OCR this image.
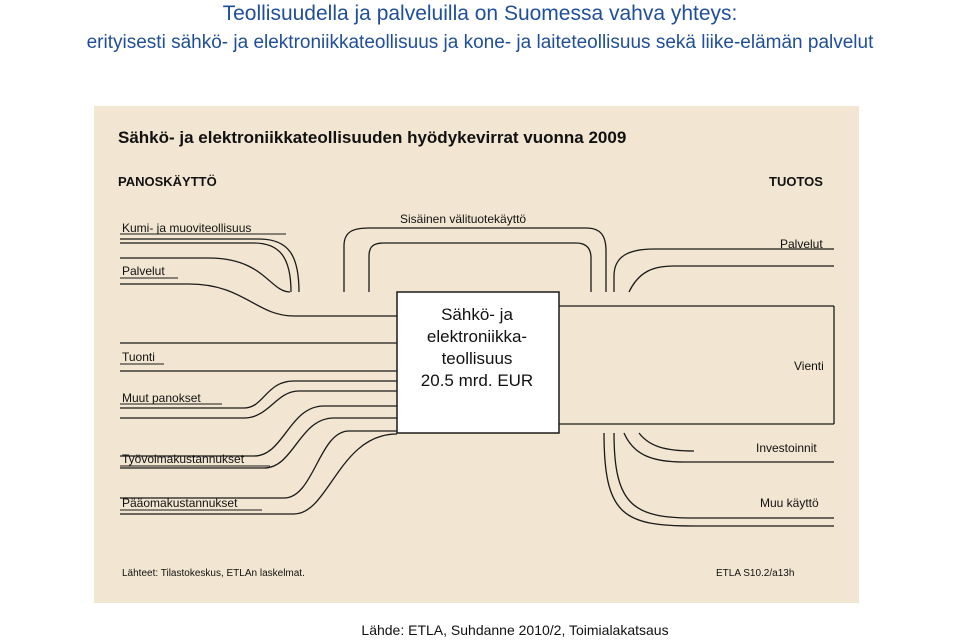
Teollisuudella ja palveluilla on Suomessa vahva yhteys:
erityisesti sähkö- ja elektroniikkateollisuus ja kone- ja laiteteollisuus sekä liike-elämän palvelut
Sähkö- ja elektroniikkateollisuuden hyödykevirrat vuonna 2009
PANOSKÄYTTÖ	TUOTOS
Sisäinen välituotekäyttö
Kumi- ja muoviteollisuus
Palvelut
Tuonti
Muut panokset
Työvoimakustannukset
Pääomakustannukset
Palvelut
Vienti
Investoinnit
Muu käyttö
Sähkö- ja
elektroniikka-
teollisuus
20.5 mrd. EUR
Lähteet: Tilastokeskus, ETLAn laskelmat.	ETLA S10.2/a13h
Lähde: ETLA, Suhdanne 2010/2, Toimialakatsaus
